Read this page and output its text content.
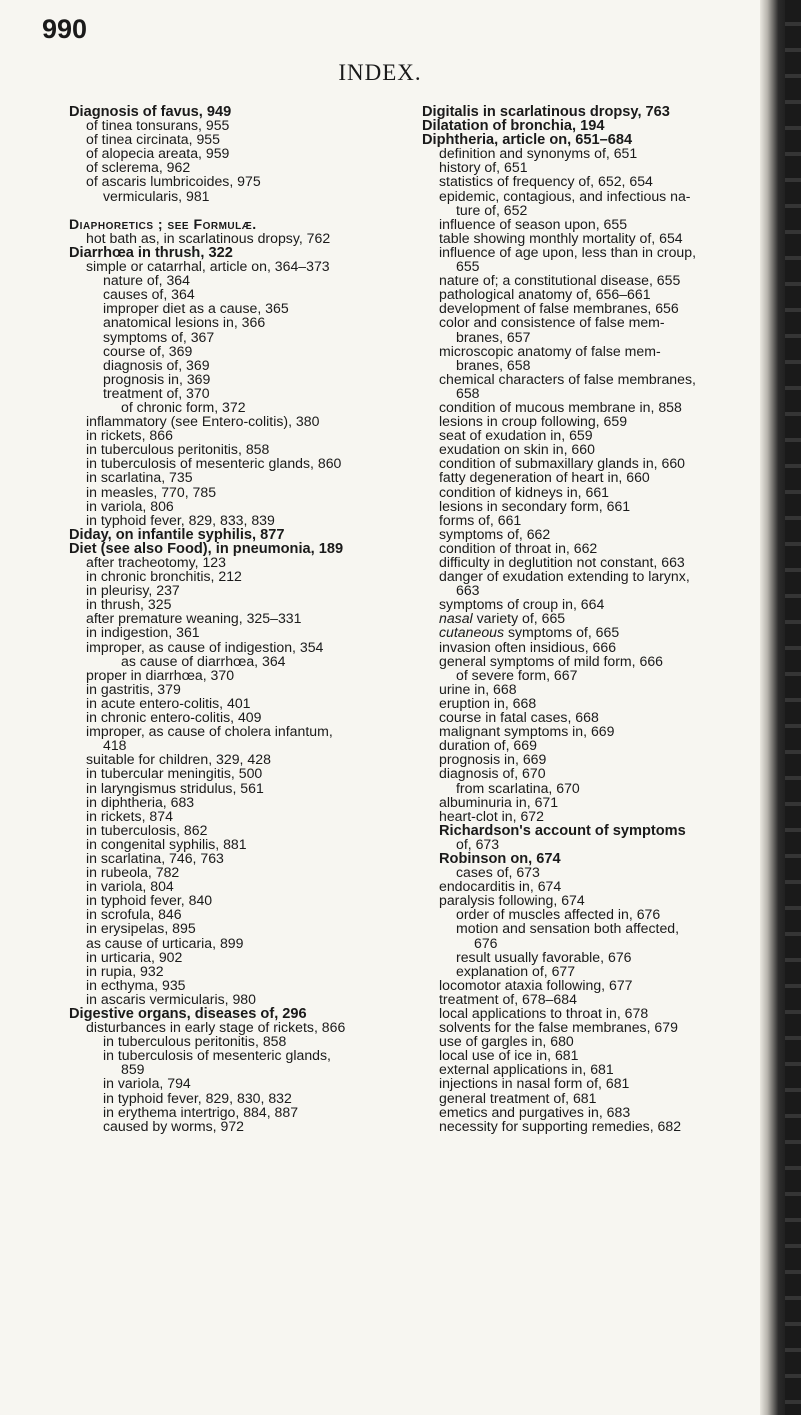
990
INDEX.
Diagnosis of favus, 949
of tinea tonsurans, 955
of tinea circinata, 955
of alopecia areata, 959
of sclerema, 962
of ascaris lumbricoides, 975
vermicularis, 981
Diaphoretics ; see Formulæ.
hot bath as, in scarlatinous dropsy, 762
Diarrhœa in thrush, 322
simple or catarrhal, article on, 364–373
nature of, 364
causes of, 364
improper diet as a cause, 365
anatomical lesions in, 366
symptoms of, 367
course of, 369
diagnosis of, 369
prognosis in, 369
treatment of, 370
of chronic form, 372
inflammatory (see Entero-colitis), 380
in rickets, 866
in tuberculous peritonitis, 858
in tuberculosis of mesenteric glands, 860
in scarlatina, 735
in measles, 770, 785
in variola, 806
in typhoid fever, 829, 833, 839
Diday, on infantile syphilis, 877
Diet (see also Food), in pneumonia, 189
after tracheotomy, 123
in chronic bronchitis, 212
in pleurisy, 237
in thrush, 325
after premature weaning, 325–331
in indigestion, 361
improper, as cause of indigestion, 354
as cause of diarrhœa, 364
proper in diarrhœa, 370
in gastritis, 379
in acute entero-colitis, 401
in chronic entero-colitis, 409
improper, as cause of cholera infantum,
418
suitable for children, 329, 428
in tubercular meningitis, 500
in laryngismus stridulus, 561
in diphtheria, 683
in rickets, 874
in tuberculosis, 862
in congenital syphilis, 881
in scarlatina, 746, 763
in rubeola, 782
in variola, 804
in typhoid fever, 840
in scrofula, 846
in erysipelas, 895
as cause of urticaria, 899
in urticaria, 902
in rupia, 932
in ecthyma, 935
in ascaris vermicularis, 980
Digestive organs, diseases of, 296
disturbances in early stage of rickets, 866
in tuberculous peritonitis, 858
in tuberculosis of mesenteric glands,
859
in variola, 794
in typhoid fever, 829, 830, 832
in erythema intertrigo, 884, 887
caused by worms, 972
Digitalis in scarlatinous dropsy, 763
Dilatation of bronchia, 194
Diphtheria, article on, 651–684
definition and synonyms of, 651
history of, 651
statistics of frequency of, 652, 654
epidemic, contagious, and infectious na-
ture of, 652
influence of season upon, 655
table showing monthly mortality of, 654
influence of age upon, less than in croup,
655
nature of; a constitutional disease, 655
pathological anatomy of, 656–661
development of false membranes, 656
color and consistence of false mem-
branes, 657
microscopic anatomy of false mem-
branes, 658
chemical characters of false membranes,
658
condition of mucous membrane in, 858
lesions in croup following, 659
seat of exudation in, 659
exudation on skin in, 660
condition of submaxillary glands in, 660
fatty degeneration of heart in, 660
condition of kidneys in, 661
lesions in secondary form, 661
forms of, 661
symptoms of, 662
condition of throat in, 662
difficulty in deglutition not constant, 663
danger of exudation extending to larynx,
663
symptoms of croup in, 664
nasal variety of, 665
cutaneous symptoms of, 665
invasion often insidious, 666
general symptoms of mild form, 666
of severe form, 667
urine in, 668
eruption in, 668
course in fatal cases, 668
malignant symptoms in, 669
duration of, 669
prognosis in, 669
diagnosis of, 670
from scarlatina, 670
albuminuria in, 671
heart-clot in, 672
Richardson's account of symptoms
of, 673
Robinson on, 674
cases of, 673
endocarditis in, 674
paralysis following, 674
order of muscles affected in, 676
motion and sensation both affected,
676
result usually favorable, 676
explanation of, 677
locomotor ataxia following, 677
treatment of, 678–684
local applications to throat in, 678
solvents for the false membranes, 679
use of gargles in, 680
local use of ice in, 681
external applications in, 681
injections in nasal form of, 681
general treatment of, 681
emetics and purgatives in, 683
necessity for supporting remedies, 682
